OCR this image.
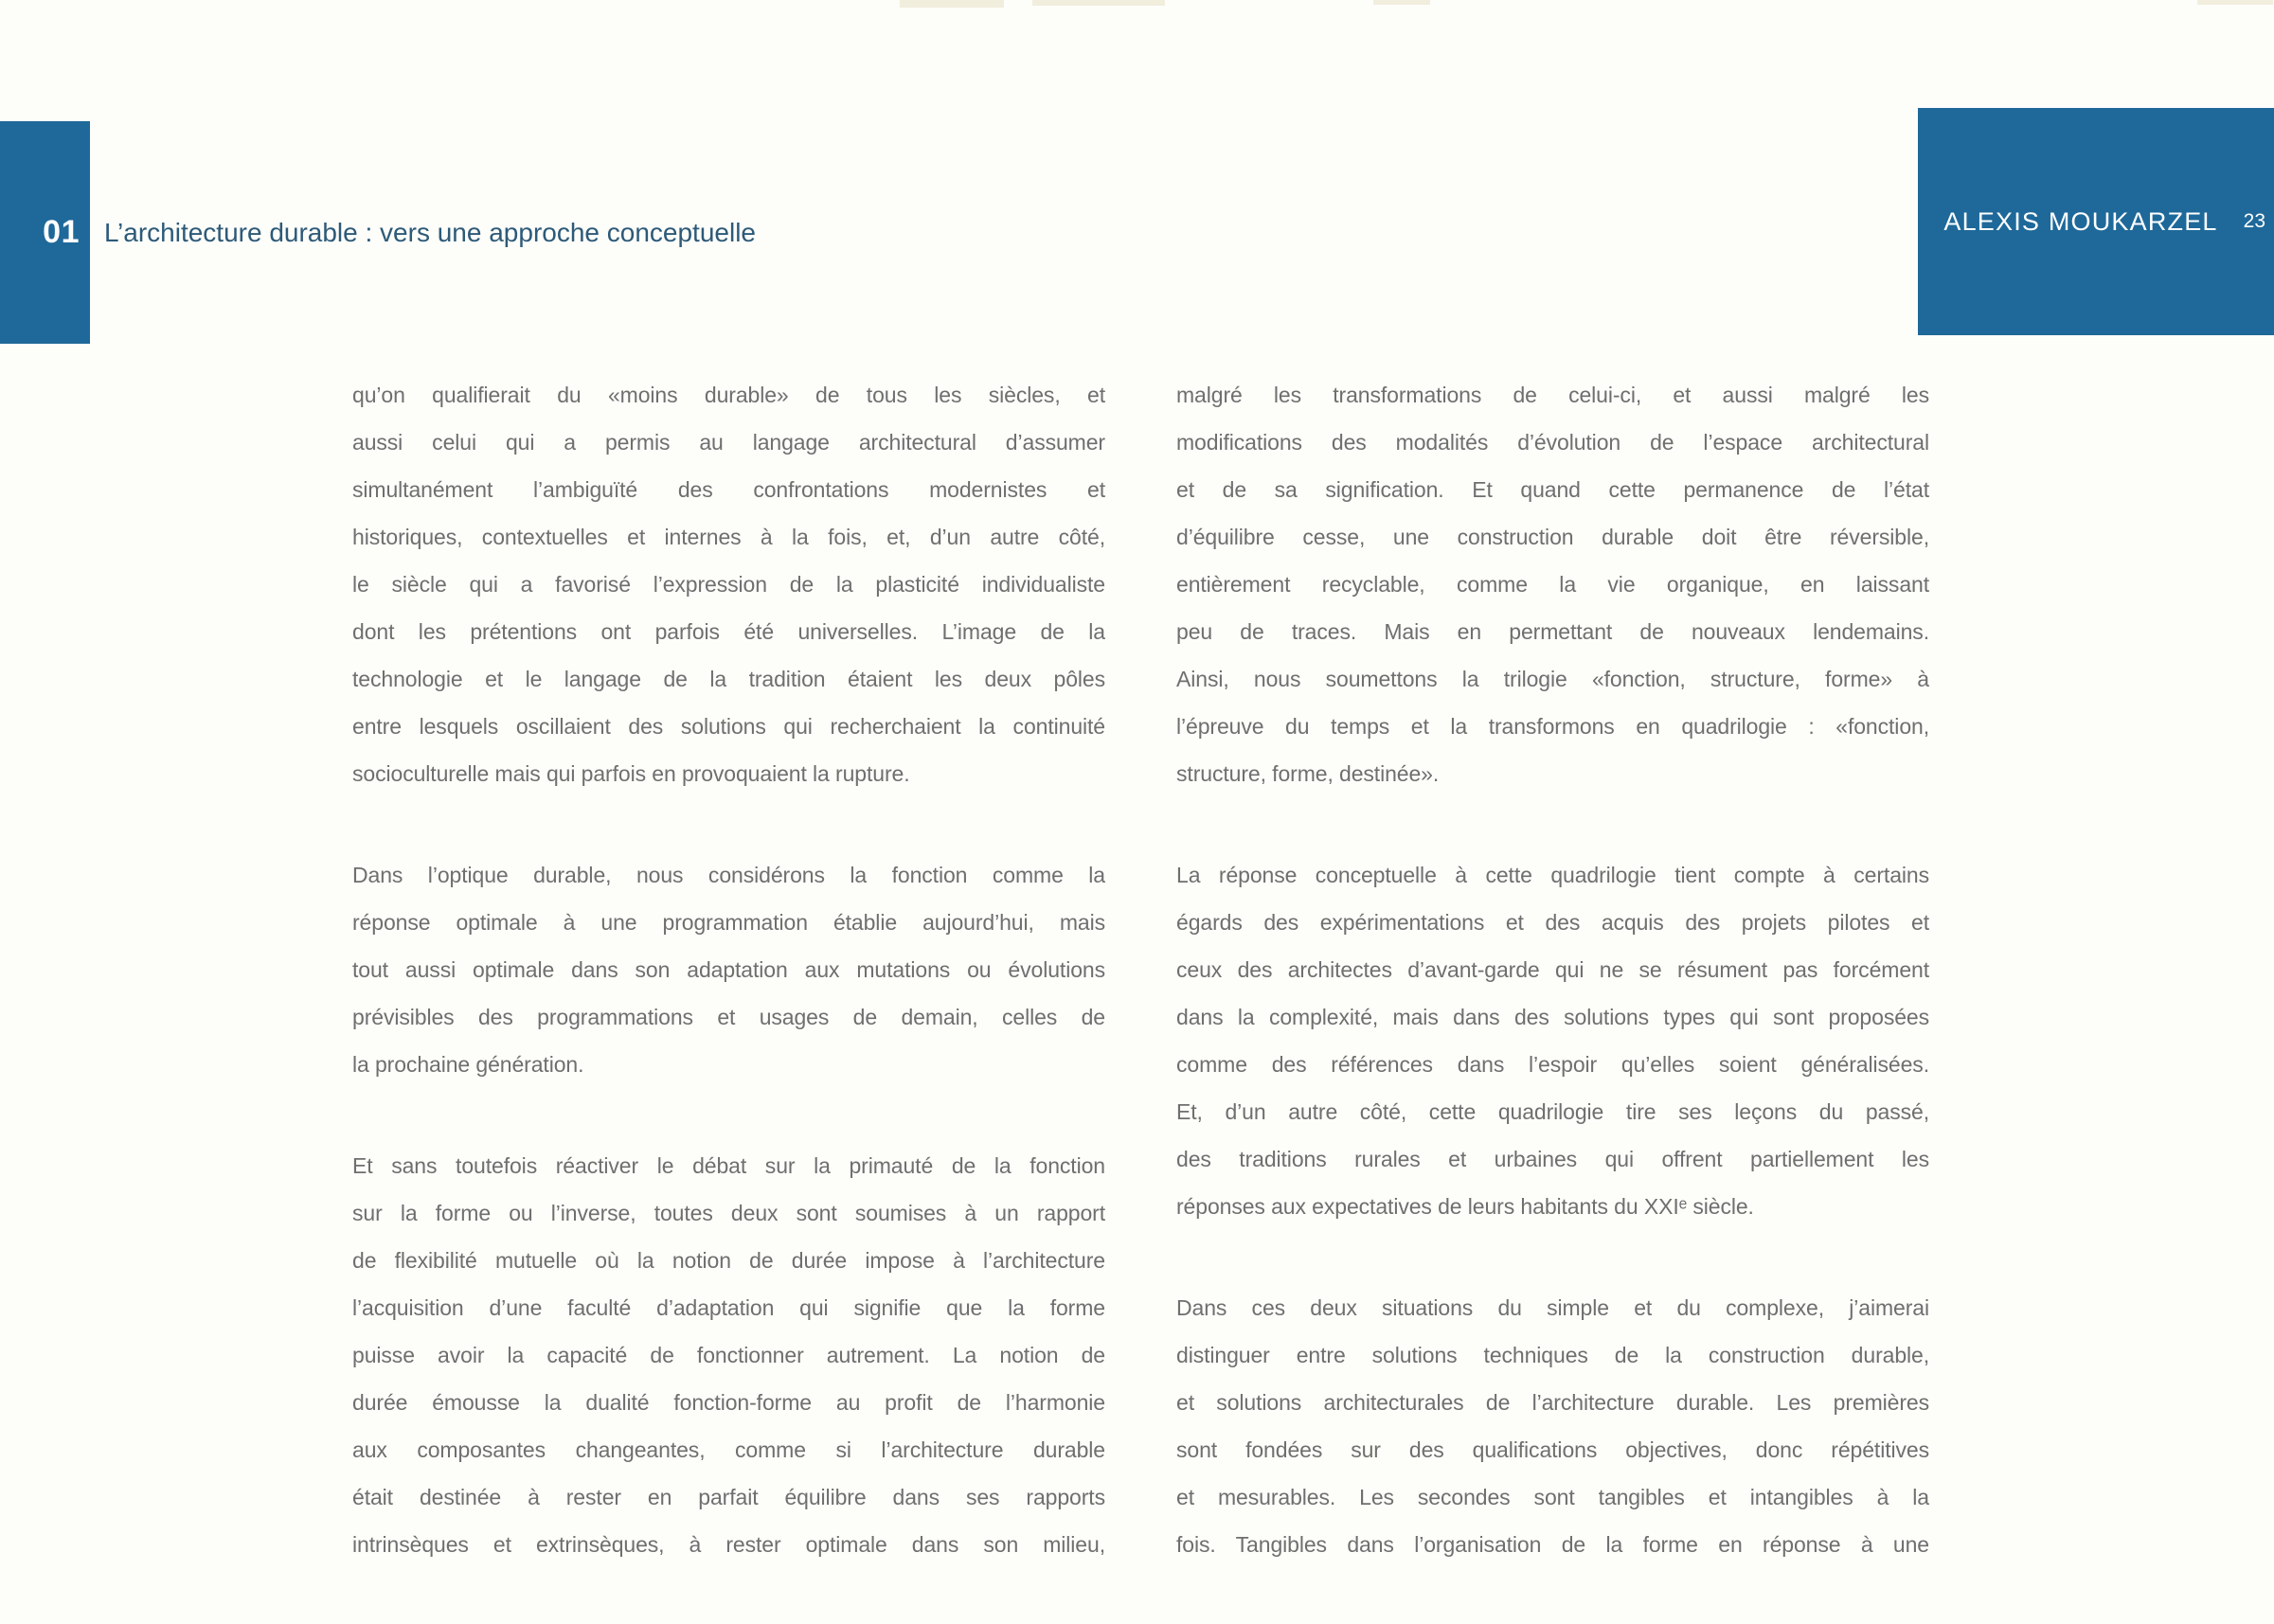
01 L’architecture durable : vers une approche conceptuelle	ALEXIS MOUKARZEL 23
qu’on qualifierait du «moins durable» de tous les siècles, et
aussi celui qui a permis au langage architectural d’assumer
simultanément l’ambiguïté des confrontations modernistes et
historiques, contextuelles et internes à la fois, et, d’un autre côté,
le siècle qui a favorisé l’expression de la plasticité individualiste
dont les prétentions ont parfois été universelles. L’image de la
technologie et le langage de la tradition étaient les deux pôles
entre lesquels oscillaient des solutions qui recherchaient la continuité
socioculturelle mais qui parfois en provoquaient la rupture.
Dans l’optique durable, nous considérons la fonction comme la
réponse optimale à une programmation établie aujourd’hui, mais
tout aussi optimale dans son adaptation aux mutations ou évolutions
prévisibles des programmations et usages de demain, celles de
la prochaine génération.
Et sans toutefois réactiver le débat sur la primauté de la fonction
sur la forme ou l’inverse, toutes deux sont soumises à un rapport
de flexibilité mutuelle où la notion de durée impose à l’architecture
l’acquisition d’une faculté d’adaptation qui signifie que la forme
puisse avoir la capacité de fonctionner autrement. La notion de
durée émousse la dualité fonction-forme au profit de l’harmonie
aux composantes changeantes, comme si l’architecture durable
était destinée à rester en parfait équilibre dans ses rapports
intrinsèques et extrinsèques, à rester optimale dans son milieu,
malgré les transformations de celui-ci, et aussi malgré les
modifications des modalités d’évolution de l’espace architectural
et de sa signification. Et quand cette permanence de l’état
d’équilibre cesse, une construction durable doit être réversible,
entièrement recyclable, comme la vie organique, en laissant
peu de traces. Mais en permettant de nouveaux lendemains.
Ainsi, nous soumettons la trilogie «fonction, structure, forme» à
l’épreuve du temps et la transformons en quadrilogie : «fonction,
structure, forme, destinée».
La réponse conceptuelle à cette quadrilogie tient compte à certains
égards des expérimentations et des acquis des projets pilotes et
ceux des architectes d’avant-garde qui ne se résument pas forcément
dans la complexité, mais dans des solutions types qui sont proposées
comme des références dans l’espoir qu’elles soient généralisées.
Et, d’un autre côté, cette quadrilogie tire ses leçons du passé,
des traditions rurales et urbaines qui offrent partiellement les
réponses aux expectatives de leurs habitants du XXIᵉ siècle.
Dans ces deux situations du simple et du complexe, j’aimerai
distinguer entre solutions techniques de la construction durable,
et solutions architecturales de l’architecture durable. Les premières
sont fondées sur des qualifications objectives, donc répétitives
et mesurables. Les secondes sont tangibles et intangibles à la
fois. Tangibles dans l’organisation de la forme en réponse à une
